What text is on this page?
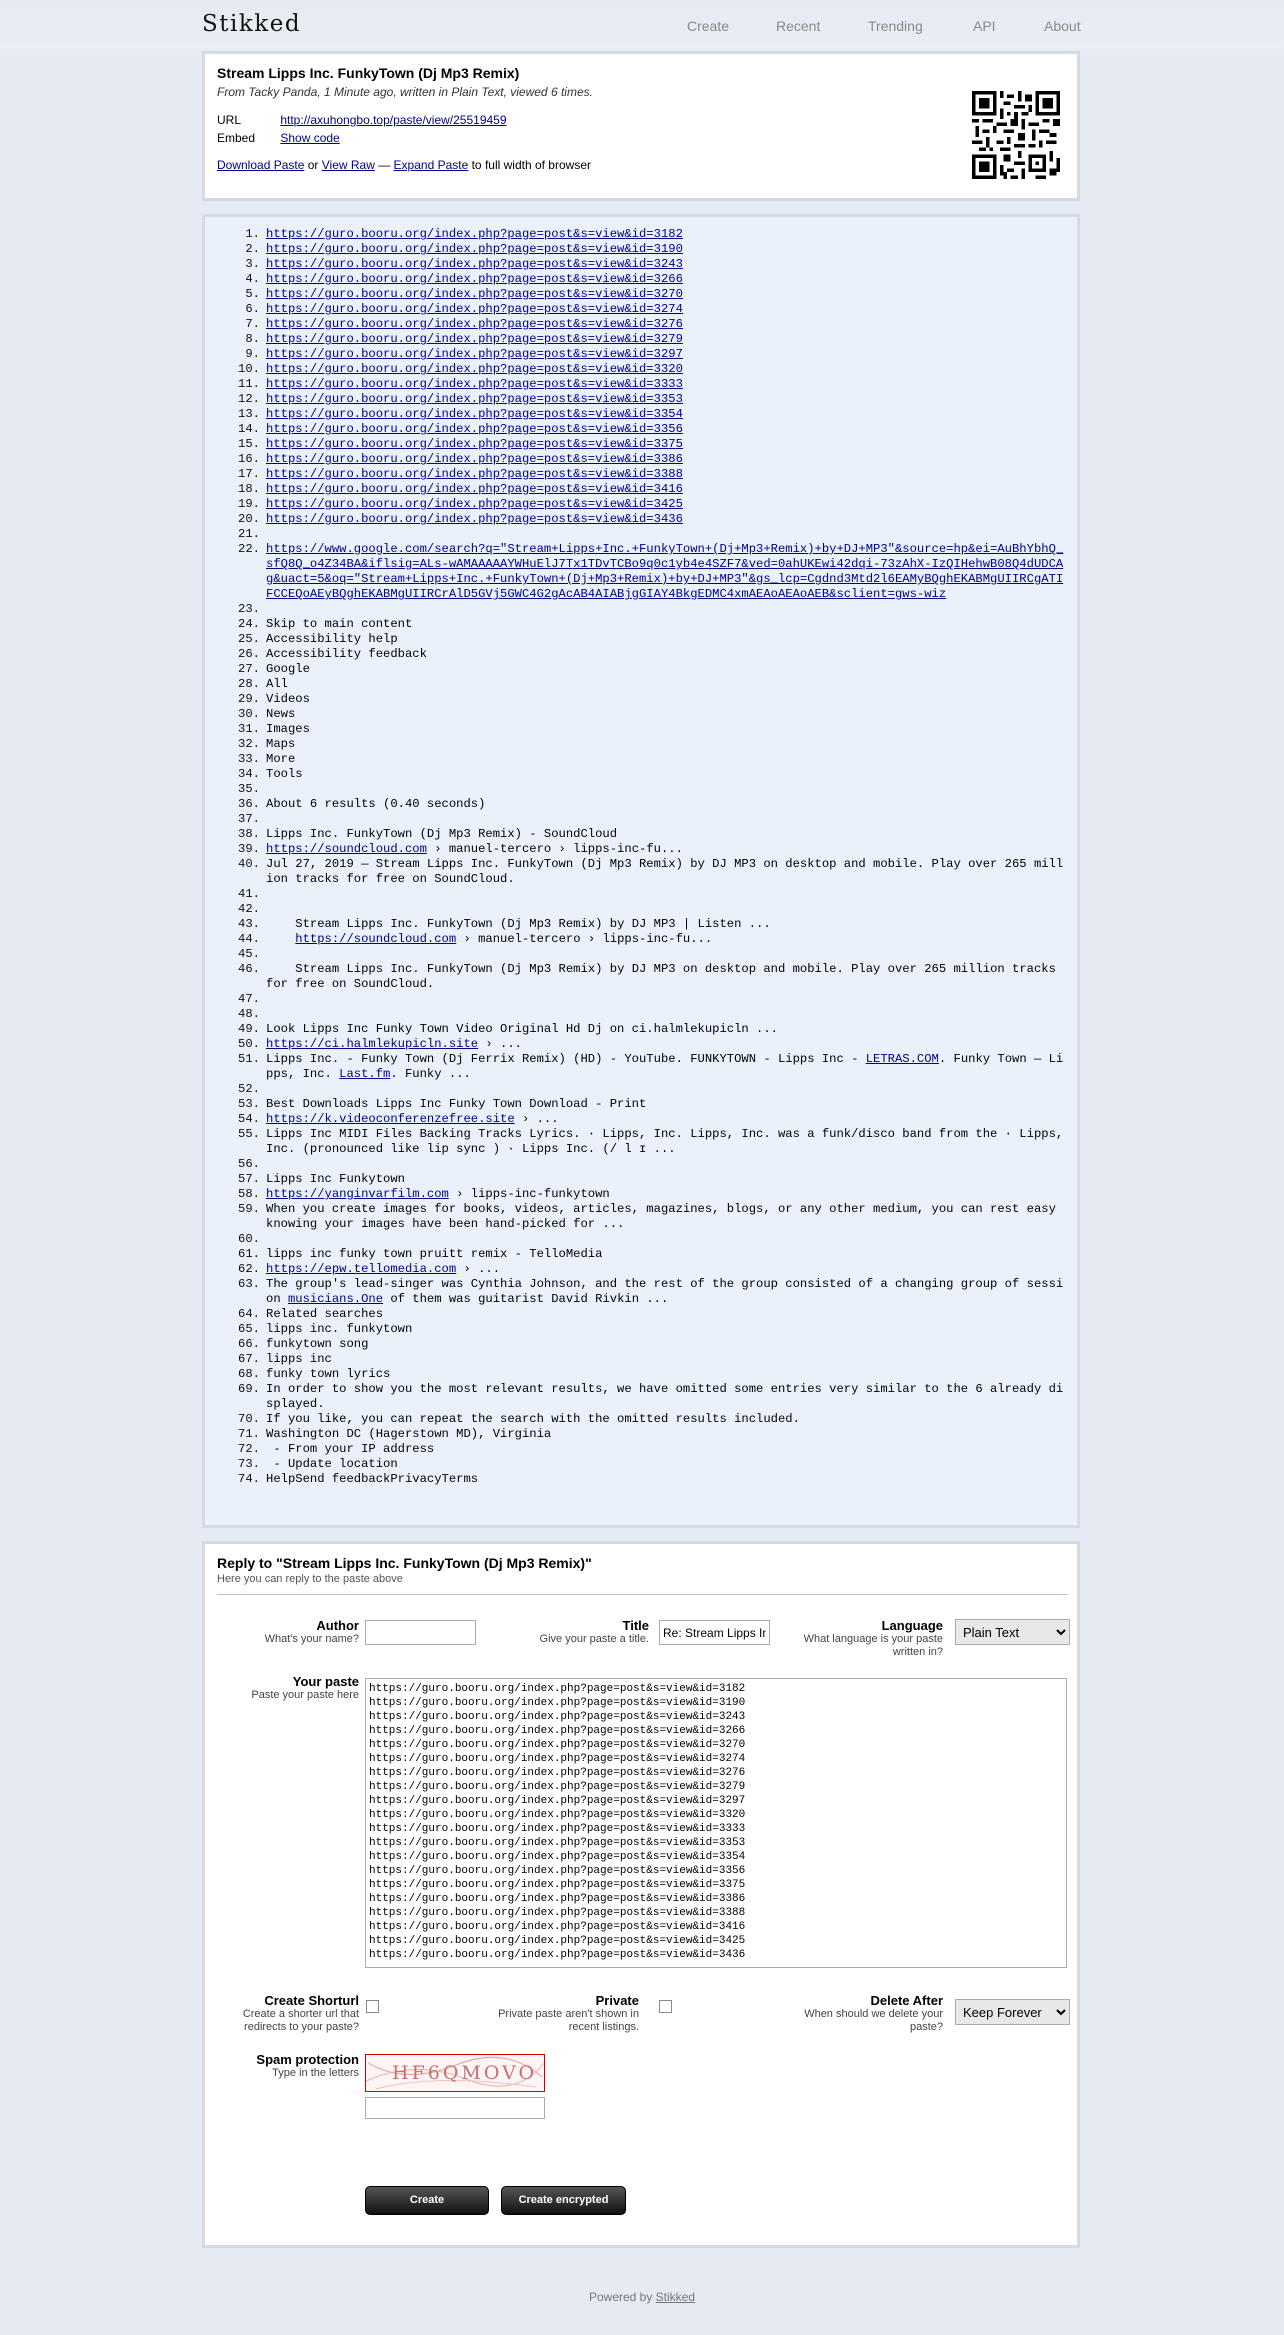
Stikked	Create	Recent	Trending	API	About
Stream Lipps Inc. FunkyTown (Dj Mp3 Remix)
From Tacky Panda, 1 Minute ago, written in Plain Text, viewed 6 times.
URL	http://axuhongbo.top/paste/view/25519459
Embed Show code
Download Paste or View Raw — Expand Paste to full width of browser
1. https://guro.booru.org/index.php?page=post&s=view&id=3182
2. https://guro.booru.org/index.php?page=post&s=view&id=3190
3. https://guro.booru.org/index.php?page=post&s=view&id=3243
4. https://guro.booru.org/index.php?page=post&s=view&id=3266
5. https://guro.booru.org/index.php?page=post&s=view&id=3270
6. https://guro.booru.org/index.php?page=post&s=view&id=3274
7. https://guro.booru.org/index.php?page=post&s=view&id=3276
8. https://guro.booru.org/index.php?page=post&s=view&id=3279
9. https://guro.booru.org/index.php?page=post&s=view&id=3297
10. https://guro.booru.org/index.php?page=post&s=view&id=3320
11. https://guro.booru.org/index.php?page=post&s=view&id=3333
12. https://guro.booru.org/index.php?page=post&s=view&id=3353
13. https://guro.booru.org/index.php?page=post&s=view&id=3354
14. https://guro.booru.org/index.php?page=post&s=view&id=3356
15. https://guro.booru.org/index.php?page=post&s=view&id=3375
16. https://guro.booru.org/index.php?page=post&s=view&id=3386
17. https://guro.booru.org/index.php?page=post&s=view&id=3388
18. https://guro.booru.org/index.php?page=post&s=view&id=3416
19. https://guro.booru.org/index.php?page=post&s=view&id=3425
20. https://guro.booru.org/index.php?page=post&s=view&id=3436
21.
22. https://www.google.com/search?q="Stream+Lipps+Inc.+FunkyTown+(Dj+Mp3+Remix)+by+DJ+MP3"&source=hp&ei=AuBhYbhQ_sfQ8Q_o4Z34BA&iflsig=ALs-wAMAAAAAYWHuElJ7Tx1TDvTCBo9q0c1yb4e4SZF7&ved=0ahUKEwi42dqi-73zAhX-IzQIHehwB08Q4dUDCAg&uact=5&oq="Stream+Lipps+Inc.+FunkyTown+(Dj+Mp3+Remix)+by+DJ+MP3"&gs_lcp=Cgdnd3Mtd2l6EAMyBQghEKABMgUIIRCgATIFCCEQoAEyBQghEKABMgUIIRCrAlD5GVj5GWC4G2gAcAB4AIABjgGIAY4BkgEDMC4xmAEAoAEAoAEB&sclient=gws-wiz
23.
24. Skip to main content
25. Accessibility help
26. Accessibility feedback
27. Google
28. All
29. Videos
30. News
31. Images
32. Maps
33. More
34. Tools
35.
36. About 6 results (0.40 seconds)
37.
38. Lipps Inc. FunkyTown (Dj Mp3 Remix) - SoundCloud
39. https://soundcloud.com › manuel-tercero › lipps-inc-fu...
40. Jul 27, 2019 — Stream Lipps Inc. FunkyTown (Dj Mp3 Remix) by DJ MP3 on desktop and mobile. Play over 265 million tracks for free on SoundCloud.
41.
42.
43. Stream Lipps Inc. FunkyTown (Dj Mp3 Remix) by DJ MP3 | Listen ...
44.	https://soundcloud.com › manuel-tercero › lipps-inc-fu...
45.
46. Stream Lipps Inc. FunkyTown (Dj Mp3 Remix) by DJ MP3 on desktop and mobile. Play over 265 million tracks for free on SoundCloud.
47.
48.
49. Look Lipps Inc Funky Town Video Original Hd Dj on ci.halmlekupicln ...
50. https://ci.halmlekupicln.site › ...
51. Lipps Inc. - Funky Town (Dj Ferrix Remix) (HD) - YouTube. FUNKYTOWN - Lipps Inc - LETRAS.COM. Funky Town — Lipps, Inc. Last.fm. Funky ...
52.
53. Best Downloads Lipps Inc Funky Town Download - Print
54. https://k.videoconferenzefree.site › ...
55. Lipps Inc MIDI Files Backing Tracks Lyrics. · Lipps, Inc. Lipps, Inc. was a funk/disco band from the · Lipps, Inc. (pronounced like lip sync ) · Lipps Inc. (/ l ɪ ...
56.
57. Lipps Inc Funkytown
58. https://yanginvarfilm.com › lipps-inc-funkytown
59. When you create images for books, videos, articles, magazines, blogs, or any other medium, you can rest easy knowing your images have been hand-picked for ...
60.
61. lipps inc funky town pruitt remix - TelloMedia
62. https://epw.tellomedia.com › ...
63. The group's lead-singer was Cynthia Johnson, and the rest of the group consisted of a changing group of session musicians.One of them was guitarist David Rivkin ...
64. Related searches
65. lipps inc. funkytown
66. funkytown song
67. lipps inc
68. funky town lyrics
69. In order to show you the most relevant results, we have omitted some entries very similar to the 6 already displayed.
70. If you like, you can repeat the search with the omitted results included.
71. Washington DC (Hagerstown MD), Virginia
72. - From your IP address
73. - Update location
74. HelpSend feedbackPrivacyTerms
Reply to "Stream Lipps Inc. FunkyTown (Dj Mp3 Remix)"
Here you can reply to the paste above
Author
What's your name?
Title
Give your paste a title.
Re: Stream Lipps Inc. FunkyTown (Dj Mp3 Remix)
Language
What language is your paste written in?
Plain Text
Your paste
Paste your paste here
https://guro.booru.org/index.php?page=post&s=view&id=3182 https://guro.booru.org/index.php?page=post&s=view&id=3190 https://guro.booru.org/index.php?page=post&s=view&id=3243 https://guro.booru.org/index.php?page=post&s=view&id=3266 https://guro.booru.org/index.php?page=post&s=view&id=3270 https://guro.booru.org/index.php?page=post&s=view&id=3274 https://guro.booru.org/index.php?page=post&s=view&id=3276 https://guro.booru.org/index.php?page=post&s=view&id=3279 https://guro.booru.org/index.php?page=post&s=view&id=3297 https://guro.booru.org/index.php?page=post&s=view&id=3320 https://guro.booru.org/index.php?page=post&s=view&id=3333 https://guro.booru.org/index.php?page=post&s=view&id=3353 https://guro.booru.org/index.php?page=post&s=view&id=3354 https://guro.booru.org/index.php?page=post&s=view&id=3356 https://guro.booru.org/index.php?page=post&s=view&id=3375 https://guro.booru.org/index.php?page=post&s=view&id=3386 https://guro.booru.org/index.php?page=post&s=view&id=3388 https://guro.booru.org/index.php?page=post&s=view&id=3416 https://guro.booru.org/index.php?page=post&s=view&id=3425 https://guro.booru.org/index.php?page=post&s=view&id=3436
Create Shorturl
Create a shorter url that redirects to your paste?
Private
Private paste aren't shown in recent listings.
Delete After
When should we delete your paste?
Keep Forever
Spam protection
Type in the letters HF6QMOVO
Create	Create encrypted
Powered by Stikked
